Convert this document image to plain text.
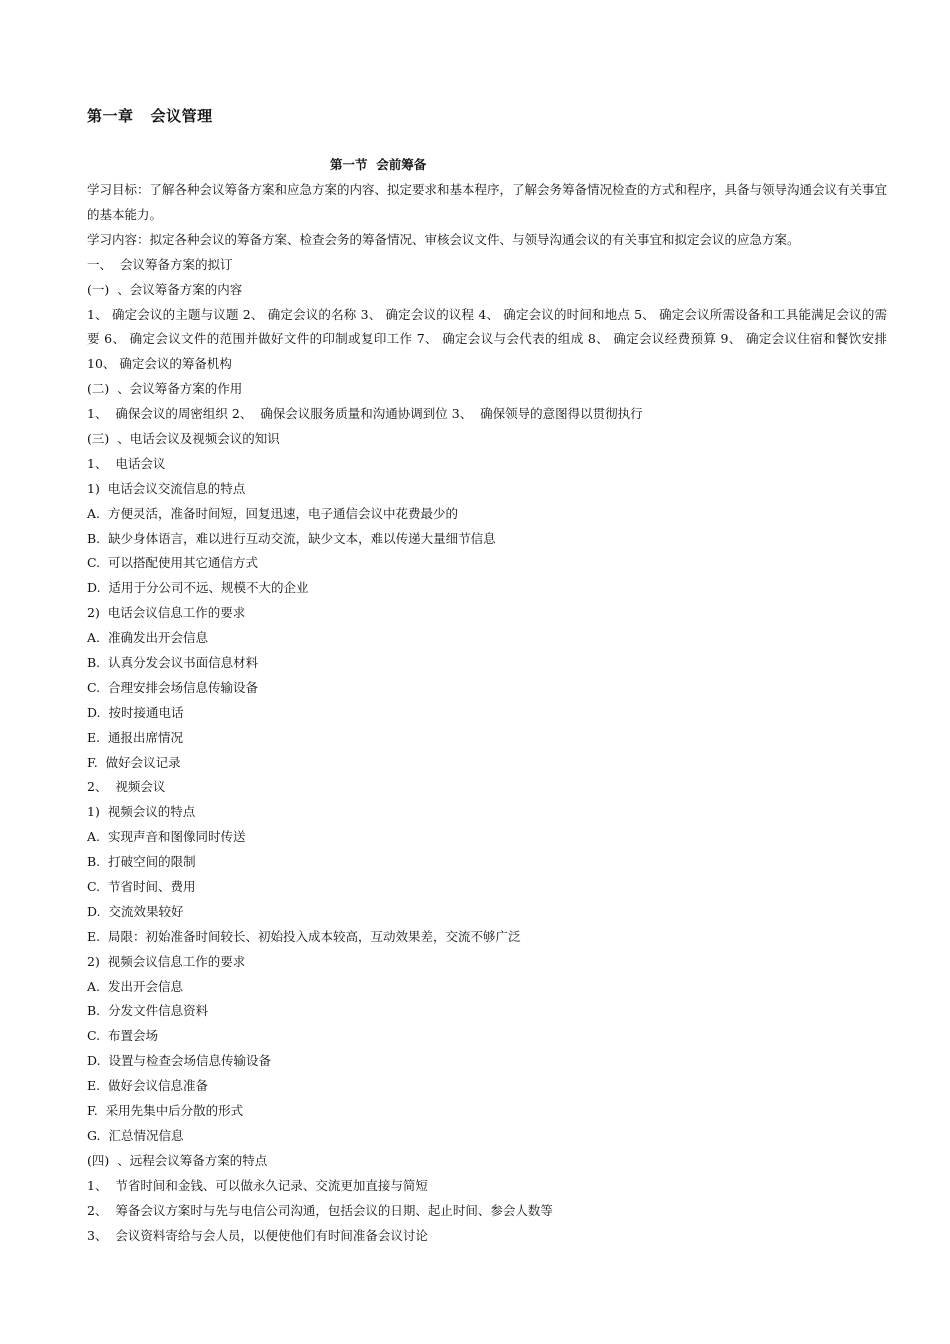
第一章   会议管理
第一节  会前筹备

学习目标：了解各种会议筹备方案和应急方案的内容、拟定要求和基本程序，了解会务筹备情况检查的方式和程序，具备与领导沟通会议有关事宜的基本能力。

学习内容：拟定各种会议的筹备方案、检查会务的筹备情况、审核会议文件、与领导沟通会议的有关事宜和拟定会议的应急方案。

一、  会议筹备方案的拟订
(一)  、会议筹备方案的内容

1、 确定会议的主题与议题 2、 确定会议的名称 3、 确定会议的议程 4、 确定会议的时间和地点 5、 确定会议所需设备和工具能满足会议的需要 6、 确定会议文件的范围并做好文件的印制或复印工作 7、 确定会议与会代表的组成 8、 确定会议经费预算 9、 确定会议住宿和餐饮安排 10、 确定会议的筹备机构

(二)  、会议筹备方案的作用
1、  确保会议的周密组织 2、  确保会议服务质量和沟通协调到位 3、  确保领导的意图得以贯彻执行
(三)  、电话会议及视频会议的知识
1、  电话会议
1)  电话会议交流信息的特点
A.  方便灵活，准备时间短，回复迅速，电子通信会议中花费最少的
B.  缺少身体语言，难以进行互动交流，缺少文本，难以传递大量细节信息
C.  可以搭配使用其它通信方式
D.  适用于分公司不远、规模不大的企业
2)  电话会议信息工作的要求
A.  准确发出开会信息
B.  认真分发会议书面信息材料
C.  合理安排会场信息传输设备
D.  按时接通电话
E.  通报出席情况
F.  做好会议记录
2、  视频会议
1)  视频会议的特点
A.  实现声音和图像同时传送
B.  打破空间的限制
C.  节省时间、费用
D.  交流效果较好
E.  局限：初始准备时间较长、初始投入成本较高，互动效果差，交流不够广泛
2)  视频会议信息工作的要求
A.  发出开会信息
B.  分发文件信息资料
C.  布置会场
D.  设置与检查会场信息传输设备
E.  做好会议信息准备
F.  采用先集中后分散的形式
G.  汇总情况信息
(四)  、远程会议筹备方案的特点
1、  节省时间和金钱、可以做永久记录、交流更加直接与简短
2、  筹备会议方案时与先与电信公司沟通，包括会议的日期、起止时间、参会人数等
3、  会议资料寄给与会人员，以便使他们有时间准备会议讨论
